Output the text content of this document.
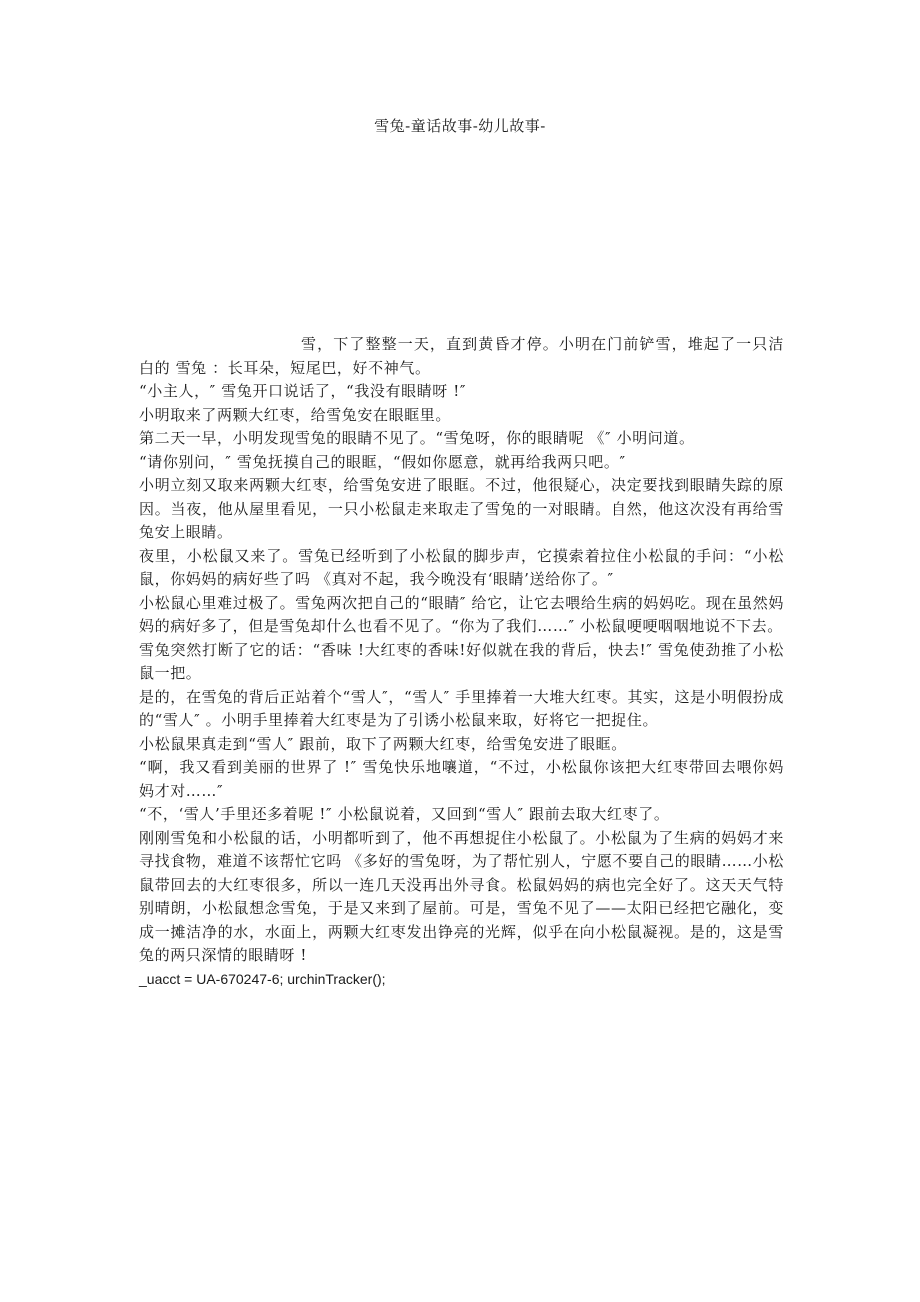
雪兔-童话故事-幼儿故事-

雪，下了整整一天，直到黄昏才停。小明在门前铲雪，堆起了一只洁白的 雪兔 ：长耳朵，短尾巴，好不神气。

“小主人，″ 雪兔开口说话了，“我没有眼睛呀 !″

小明取来了两颗大红枣，给雪兔安在眼眶里。

第二天一早，小明发现雪兔的眼睛不见了。“雪兔呀，你的眼睛呢 《″ 小明问道。

“请你别问，″ 雪兔抚摸自己的眼眶，“假如你愿意，就再给我两只吧。″

小明立刻又取来两颗大红枣，给雪兔安进了眼眶。不过，他很疑心，决定要找到眼睛失踪的原因。当夜，他从屋里看见，一只小松鼠走来取走了雪兔的一对眼睛。自然，他这次没有再给雪兔安上眼睛。

夜里，小松鼠又来了。雪兔已经听到了小松鼠的脚步声，它摸索着拉住小松鼠的手问：“小松鼠，你妈妈的病好些了吗 《真对不起，我今晚没有‘眼睛’送给你了。″

小松鼠心里难过极了。雪兔两次把自己的“眼睛″ 给它，让它去喂给生病的妈妈吃。现在虽然妈妈的病好多了，但是雪兔却什么也看不见了。“你为了我们……″ 小松鼠哽哽咽咽地说不下去。

雪兔突然打断了它的话：“香味 !大红枣的香味!好似就在我的背后，快去!″ 雪兔使劲推了小松鼠一把。

是的，在雪兔的背后正站着个“雪人″，“雪人″ 手里捧着一大堆大红枣。其实，这是小明假扮成的“雪人″ 。小明手里捧着大红枣是为了引诱小松鼠来取，好将它一把捉住。

小松鼠果真走到“雪人″ 跟前，取下了两颗大红枣，给雪兔安进了眼眶。

“啊，我又看到美丽的世界了 !″ 雪兔快乐地嚷道，“不过，小松鼠你该把大红枣带回去喂你妈妈才对……″

“不，‘雪人’手里还多着呢 !″ 小松鼠说着，又回到“雪人″ 跟前去取大红枣了。

刚刚雪兔和小松鼠的话，小明都听到了，他不再想捉住小松鼠了。小松鼠为了生病的妈妈才来寻找食物，难道不该帮忙它吗 《多好的雪兔呀，为了帮忙别人，宁愿不要自己的眼睛……小松鼠带回去的大红枣很多，所以一连几天没再出外寻食。松鼠妈妈的病也完全好了。这天天气特别晴朗，小松鼠想念雪兔，于是又来到了屋前。可是，雪兔不见了——太阳已经把它融化，变成一摊洁净的水，水面上，两颗大红枣发出铮亮的光辉，似乎在向小松鼠凝视。是的，这是雪兔的两只深情的眼睛呀 !

_uacct = UA-670247-6; urchinTracker();
